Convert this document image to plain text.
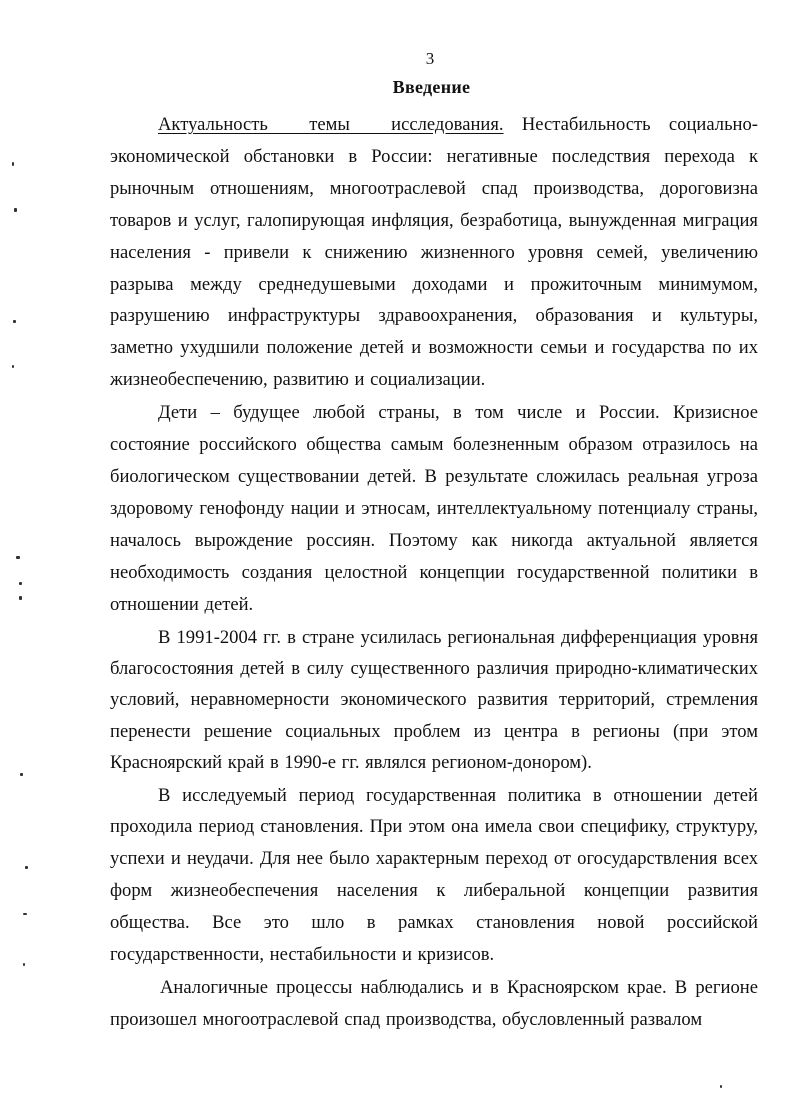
3
Введение

Актуальность темы исследования. Нестабильность социально-экономической обстановки в России: негативные последствия перехода к рыночным отношениям, многоотраслевой спад производства, дороговизна товаров и услуг, галопирующая инфляция, безработица, вынужденная миграция населения - привели к снижению жизненного уровня семей, увеличению разрыва между среднедушевыми доходами и прожиточным минимумом, разрушению инфраструктуры здравоохранения, образования и культуры, заметно ухудшили положение детей и возможности семьи и государства по их жизнеобеспечению, развитию и социализации.

Дети – будущее любой страны, в том числе и России. Кризисное состояние российского общества самым болезненным образом отразилось на биологическом существовании детей. В результате сложилась реальная угроза здоровому генофонду нации и этносам, интеллектуальному потенциалу страны, началось вырождение россиян. Поэтому как никогда актуальной является необходимость создания целостной концепции государственной политики в отношении детей.

В 1991-2004 гг. в стране усилилась региональная дифференциация уровня благосостояния детей в силу существенного различия природно-климатических условий, неравномерности экономического развития территорий, стремления перенести решение социальных проблем из центра в регионы (при этом Красноярский край в 1990-е гг. являлся регионом-донором).

В исследуемый период государственная политика в отношении детей проходила период становления. При этом она имела свои специфику, структуру, успехи и неудачи. Для нее было характерным переход от огосударствления всех форм жизнеобеспечения населения к либеральной концепции развития общества. Все это шло в рамках становления новой российской государственности, нестабильности и кризисов.

Аналогичные процессы наблюдались и в Красноярском крае. В регионе произошел многоотраслевой спад производства, обусловленный развалом
